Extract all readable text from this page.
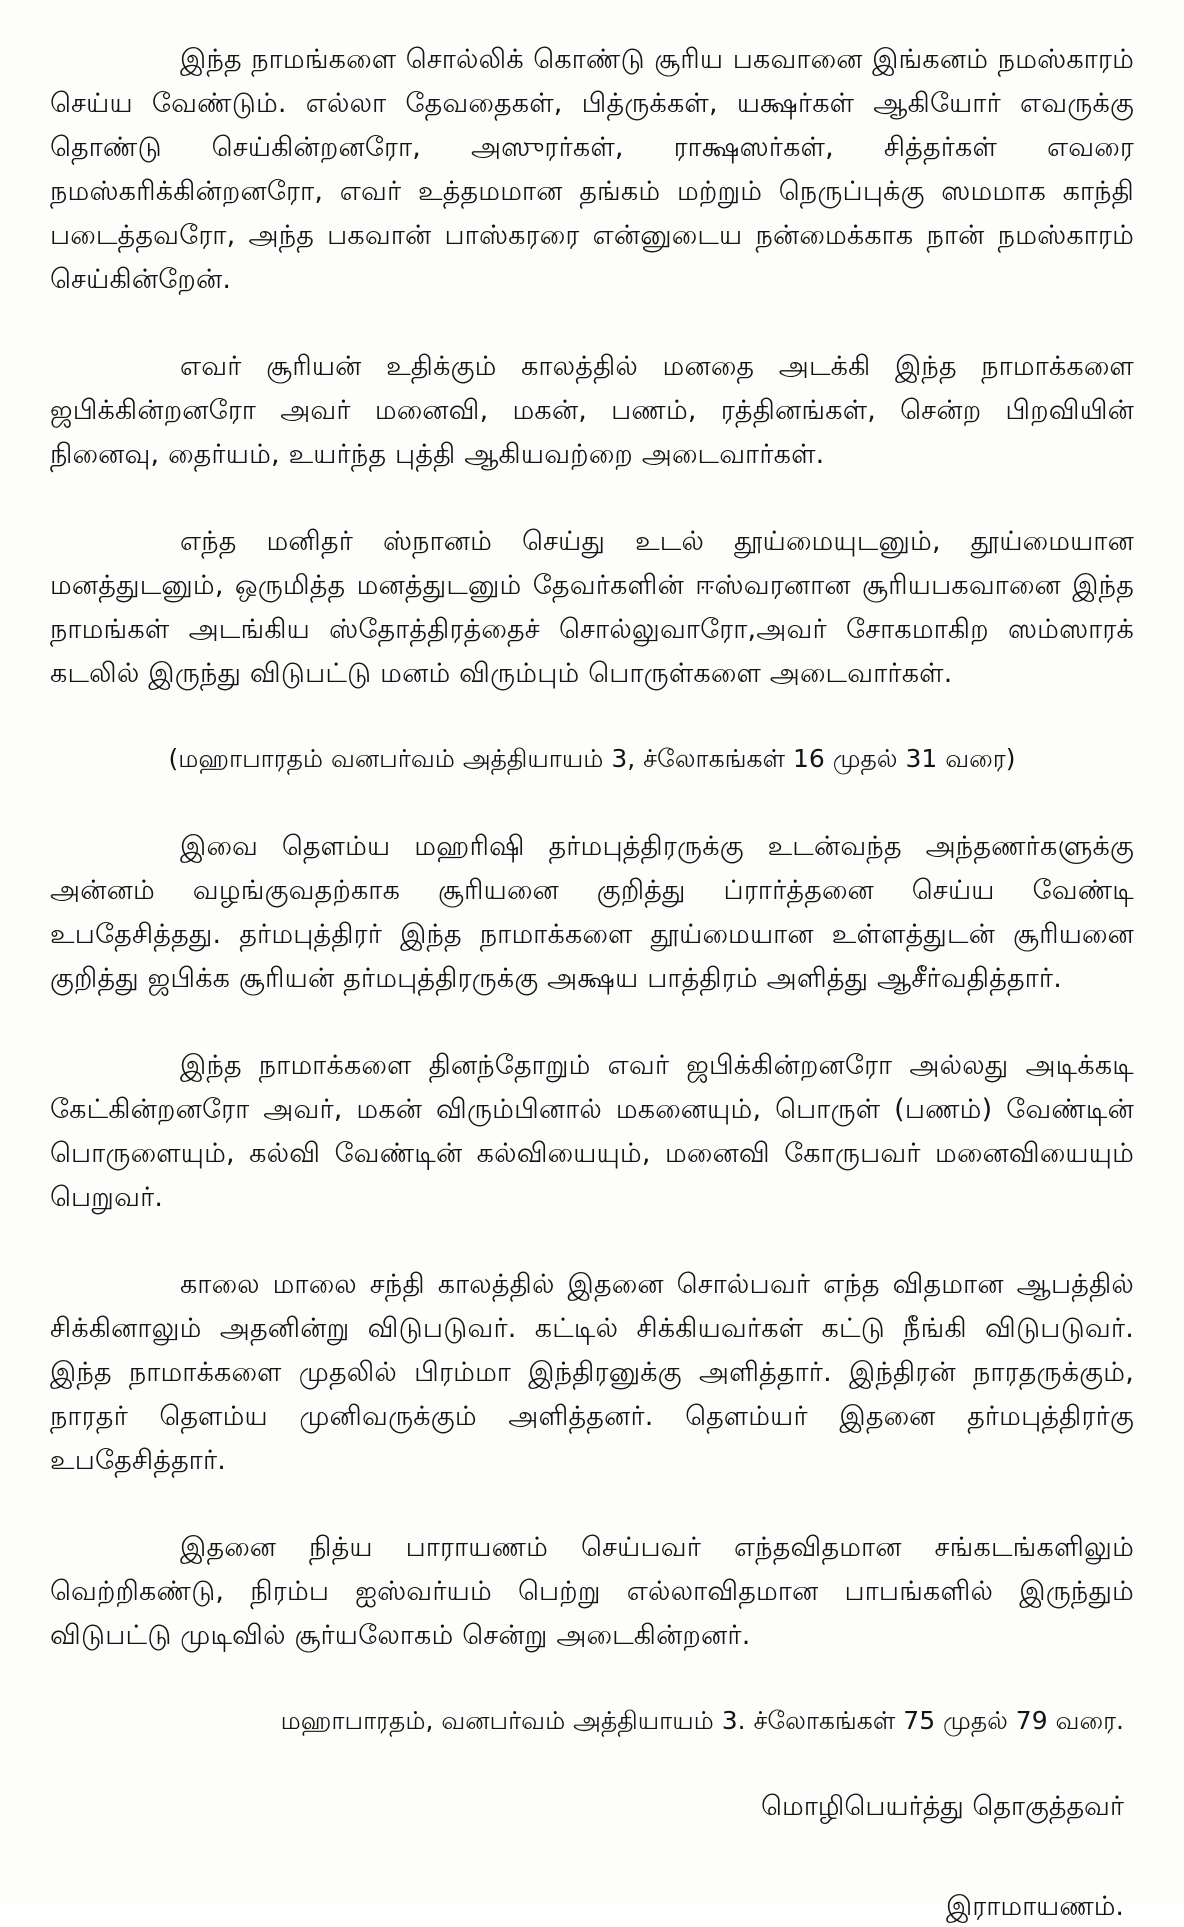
இந்த நாமங்களை சொல்லிக் கொண்டு சூரிய பகவானை இங்கனம் நமஸ்காரம் செய்ய வேண்டும். எல்லா தேவதைகள், பித்ருக்கள், யக்ஷர்கள் ஆகியோர் எவருக்கு தொண்டு செய்கின்றனரோ, அஸுரர்கள், ராக்ஷஸர்கள், சித்தர்கள் எவரை நமஸ்கரிக்கின்றனரோ, எவர் உத்தமமான தங்கம் மற்றும் நெருப்புக்கு ஸமமாக காந்தி படைத்தவரோ, அந்த பகவான் பாஸ்கரரை என்னுடைய நன்மைக்காக நான் நமஸ்காரம் செய்கின்றேன்.

எவர் சூரியன் உதிக்கும் காலத்தில் மனதை அடக்கி இந்த நாமாக்களை ஜபிக்கின்றனரோ அவர் மனைவி, மகன், பணம், ரத்தினங்கள், சென்ற பிறவியின் நினைவு, தைர்யம், உயர்ந்த புத்தி ஆகியவற்றை அடைவார்கள்.

எந்த மனிதர் ஸ்நானம் செய்து உடல் தூய்மையுடனும், தூய்மையான மனத்துடனும், ஒருமித்த மனத்துடனும் தேவர்களின் ஈஸ்வரனான சூரியபகவானை இந்த நாமங்கள் அடங்கிய ஸ்தோத்திரத்தைச் சொல்லுவாரோ,அவர் சோகமாகிற ஸம்ஸாரக் கடலில் இருந்து விடுபட்டு மனம் விரும்பும் பொருள்களை அடைவார்கள்.

(மஹாபாரதம் வனபர்வம் அத்தியாயம் 3, ச்லோகங்கள் 16 முதல் 31 வரை)

இவை தௌம்ய மஹரிஷி தர்மபுத்திரருக்கு உடன்வந்த அந்தணர்களுக்கு அன்னம் வழங்குவதற்காக சூரியனை குறித்து ப்ரார்த்தனை செய்ய வேண்டி உபதேசித்தது. தர்மபுத்திரர் இந்த நாமாக்களை தூய்மையான உள்ளத்துடன் சூரியனை குறித்து ஜபிக்க சூரியன் தர்மபுத்திரருக்கு அக்ஷய பாத்திரம் அளித்து ஆசீர்வதித்தார்.

இந்த நாமாக்களை தினந்தோறும் எவர் ஜபிக்கின்றனரோ அல்லது அடிக்கடி கேட்கின்றனரோ அவர், மகன் விரும்பினால் மகனையும், பொருள் (பணம்) வேண்டின் பொருளையும், கல்வி வேண்டின் கல்வியையும், மனைவி கோருபவர் மனைவியையும் பெறுவர்.

காலை மாலை சந்தி காலத்தில் இதனை சொல்பவர் எந்த விதமான ஆபத்தில் சிக்கினாலும் அதனின்று விடுபடுவர். கட்டில் சிக்கியவர்கள் கட்டு நீங்கி விடுபடுவர். இந்த நாமாக்களை முதலில் பிரம்மா இந்திரனுக்கு அளித்தார். இந்திரன் நாரதருக்கும், நாரதர் தௌம்ய முனிவருக்கும் அளித்தனர். தௌம்யர் இதனை தர்மபுத்திரர்கு உபதேசித்தார்.

இதனை நித்ய பாராயணம் செய்பவர் எந்தவிதமான சங்கடங்களிலும் வெற்றிகண்டு, நிரம்ப ஐஸ்வர்யம் பெற்று எல்லாவிதமான பாபங்களில் இருந்தும் விடுபட்டு முடிவில் சூர்யலோகம் சென்று அடைகின்றனர்.

மஹாபாரதம், வனபர்வம் அத்தியாயம் 3. ச்லோகங்கள் 75 முதல் 79 வரை.

மொழிபெயர்த்து தொகுத்தவர்

இராமாயணம்.
